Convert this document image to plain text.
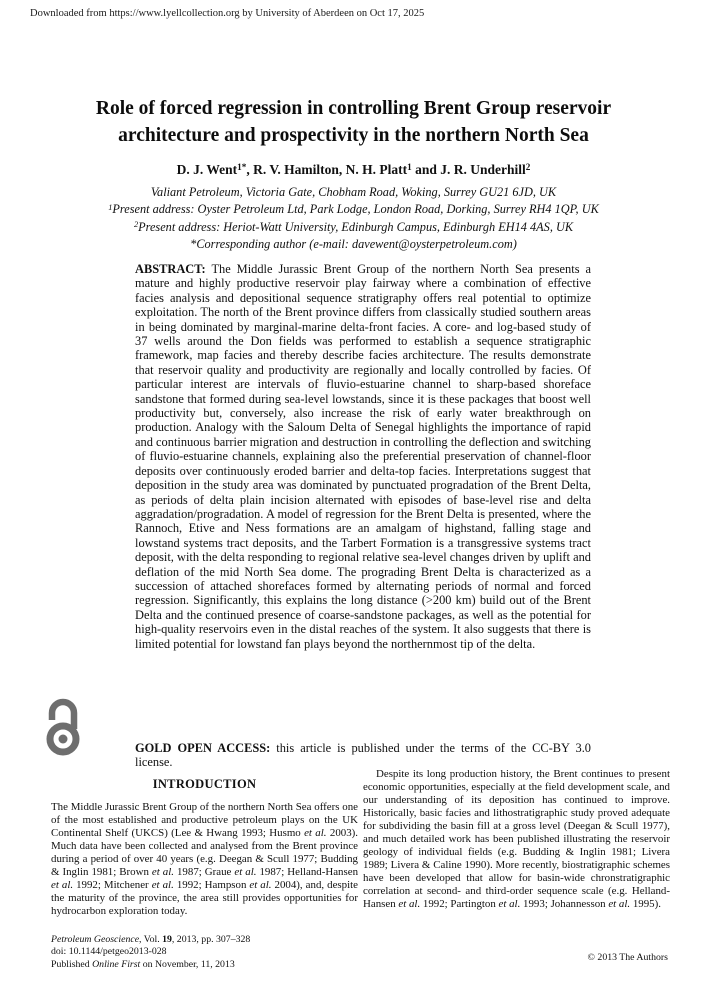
Downloaded from https://www.lyellcollection.org by University of Aberdeen on Oct 17, 2025
Role of forced regression in controlling Brent Group reservoir
architecture and prospectivity in the northern North Sea
D. J. Went$^{1*}$, R. V. Hamilton, N. H. Platt$^1$ and J. R. Underhill$^2$
Valiant Petroleum, Victoria Gate, Chobham Road, Woking, Surrey GU21 6JD, UK
$^1$Present address: Oyster Petroleum Ltd, Park Lodge, London Road, Dorking, Surrey RH4 1QP, UK
$^2$Present address: Heriot-Watt University, Edinburgh Campus, Edinburgh EH14 4AS, UK
*Corresponding author (e-mail: davewent@oysterpetroleum.com)
ABSTRACT: The Middle Jurassic Brent Group of the northern North Sea presents a mature and highly productive reservoir play fairway where a combination of effective facies analysis and depositional sequence stratigraphy offers real potential to optimize exploitation. The north of the Brent province differs from classically studied southern areas in being dominated by marginal-marine delta-front facies. A core- and log-based study of 37 wells around the Don fields was performed to establish a sequence stratigraphic framework, map facies and thereby describe facies architecture. The results demonstrate that reservoir quality and productivity are regionally and locally controlled by facies. Of particular interest are intervals of fluvio-estuarine channel to sharp-based shoreface sandstone that formed during sea-level lowstands, since it is these packages that boost well productivity but, conversely, also increase the risk of early water breakthrough on production. Analogy with the Saloum Delta of Senegal highlights the importance of rapid and continuous barrier migration and destruction in controlling the deflection and switching of fluvio-estuarine channels, explaining also the preferential preservation of channel-floor deposits over continuously eroded barrier and delta-top facies. Interpretations suggest that deposition in the study area was dominated by punctuated progradation of the Brent Delta, as periods of delta plain incision alternated with episodes of base-level rise and delta aggradation/progradation. A model of regression for the Brent Delta is presented, where the Rannoch, Etive and Ness formations are an amalgam of highstand, falling stage and lowstand systems tract deposits, and the Tarbert Formation is a transgressive systems tract deposit, with the delta responding to regional relative sea-level changes driven by uplift and deflation of the mid North Sea dome. The prograding Brent Delta is characterized as a succession of attached shorefaces formed by alternating periods of normal and forced regression. Significantly, this explains the long distance (>200 km) build out of the Brent Delta and the continued presence of coarse-sandstone packages, as well as the potential for high-quality reservoirs even in the distal reaches of the system. It also suggests that there is limited potential for lowstand fan plays beyond the northernmost tip of the delta.
GOLD OPEN ACCESS: this article is published under the terms of the CC-BY 3.0 license.
INTRODUCTION

The Middle Jurassic Brent Group of the northern North Sea offers one of the most established and productive petroleum plays on the UK Continental Shelf (UKCS) (Lee & Hwang 1993; Husmo et al. 2003). Much data have been collected and analysed from the Brent province during a period of over 40 years (e.g. Deegan & Scull 1977; Budding & Inglin 1981; Brown et al. 1987; Graue et al. 1987; Helland-Hansen et al. 1992; Mitchener et al. 1992; Hampson et al. 2004), and, despite the maturity of the province, the area still provides opportunities for hydrocarbon exploration today.

Despite its long production history, the Brent continues to present economic opportunities, especially at the field development scale, and our understanding of its deposition has continued to improve. Historically, basic facies and lithostratigraphic study proved adequate for subdividing the basin fill at a gross level (Deegan & Scull 1977), and much detailed work has been published illustrating the reservoir geology of individual fields (e.g. Budding & Inglin 1981; Livera 1989; Livera & Caline 1990). More recently, biostratigraphic schemes have been developed that allow for basin-wide chronstratigraphic correlation at second- and third-order sequence scale (e.g. Helland-Hansen et al. 1992; Partington et al. 1993; Johannesson et al. 1995).

Petroleum Geoscience, Vol. 19, 2013, pp. 307–328
doi: 10.1144/petgeo2013-028
Published Online First on November, 11, 2013
© 2013 The Authors
